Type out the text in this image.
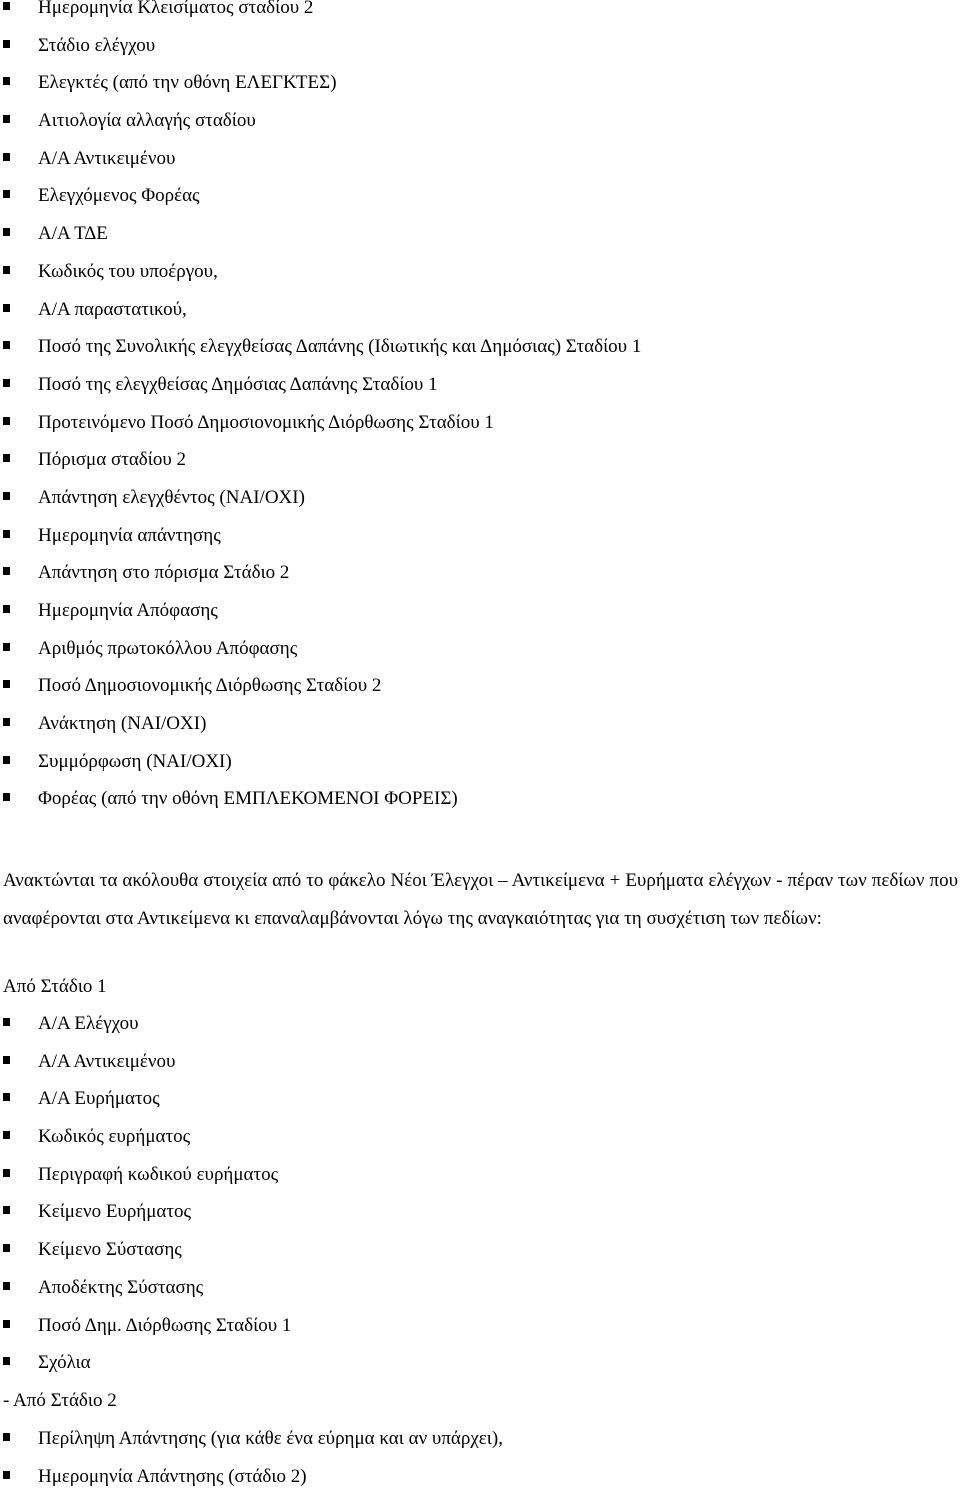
Ημερομηνία Κλεισίματος σταδίου 2
Στάδιο ελέγχου
Ελεγκτές (από την οθόνη ΕΛΕΓΚΤΕΣ)
Αιτιολογία αλλαγής σταδίου
Α/Α Αντικειμένου
Ελεγχόμενος Φορέας
Α/Α ΤΔΕ
Κωδικός του υποέργου,
Α/Α παραστατικού,
Ποσό της Συνολικής ελεγχθείσας Δαπάνης (Ιδιωτικής και Δημόσιας) Σταδίου 1
Ποσό της ελεγχθείσας Δημόσιας Δαπάνης Σταδίου 1
Προτεινόμενο Ποσό Δημοσιονομικής Διόρθωσης Σταδίου 1
Πόρισμα σταδίου 2
Απάντηση ελεγχθέντος (ΝΑΙ/ΟΧΙ)
Ημερομηνία απάντησης
Απάντηση στο πόρισμα Στάδιο 2
Ημερομηνία Απόφασης
Αριθμός πρωτοκόλλου Απόφασης
Ποσό Δημοσιονομικής Διόρθωσης Σταδίου 2
Ανάκτηση (ΝΑΙ/ΟΧΙ)
Συμμόρφωση (ΝΑΙ/ΟΧΙ)
Φορέας (από την οθόνη ΕΜΠΛΕΚΟΜΕΝΟΙ ΦΟΡΕΙΣ)

Ανακτώνται τα ακόλουθα στοιχεία από το φάκελο Νέοι Έλεγχοι – Αντικείμενα + Ευρήματα ελέγχων - πέραν των πεδίων που αναφέρονται στα Αντικείμενα κι επαναλαμβάνονται λόγω της αναγκαιότητας για τη συσχέτιση των πεδίων:

Από Στάδιο 1
Α/Α Ελέγχου
Α/Α Αντικειμένου
Α/Α Ευρήματος
Κωδικός ευρήματος
Περιγραφή κωδικού ευρήματος
Κείμενο Ευρήματος
Κείμενο Σύστασης
Αποδέκτης Σύστασης
Ποσό Δημ. Διόρθωσης Σταδίου 1
Σχόλια
- Από Στάδιο 2
Περίληψη Απάντησης (για κάθε ένα εύρημα και αν υπάρχει),
Ημερομηνία Απάντησης (στάδιο 2)
